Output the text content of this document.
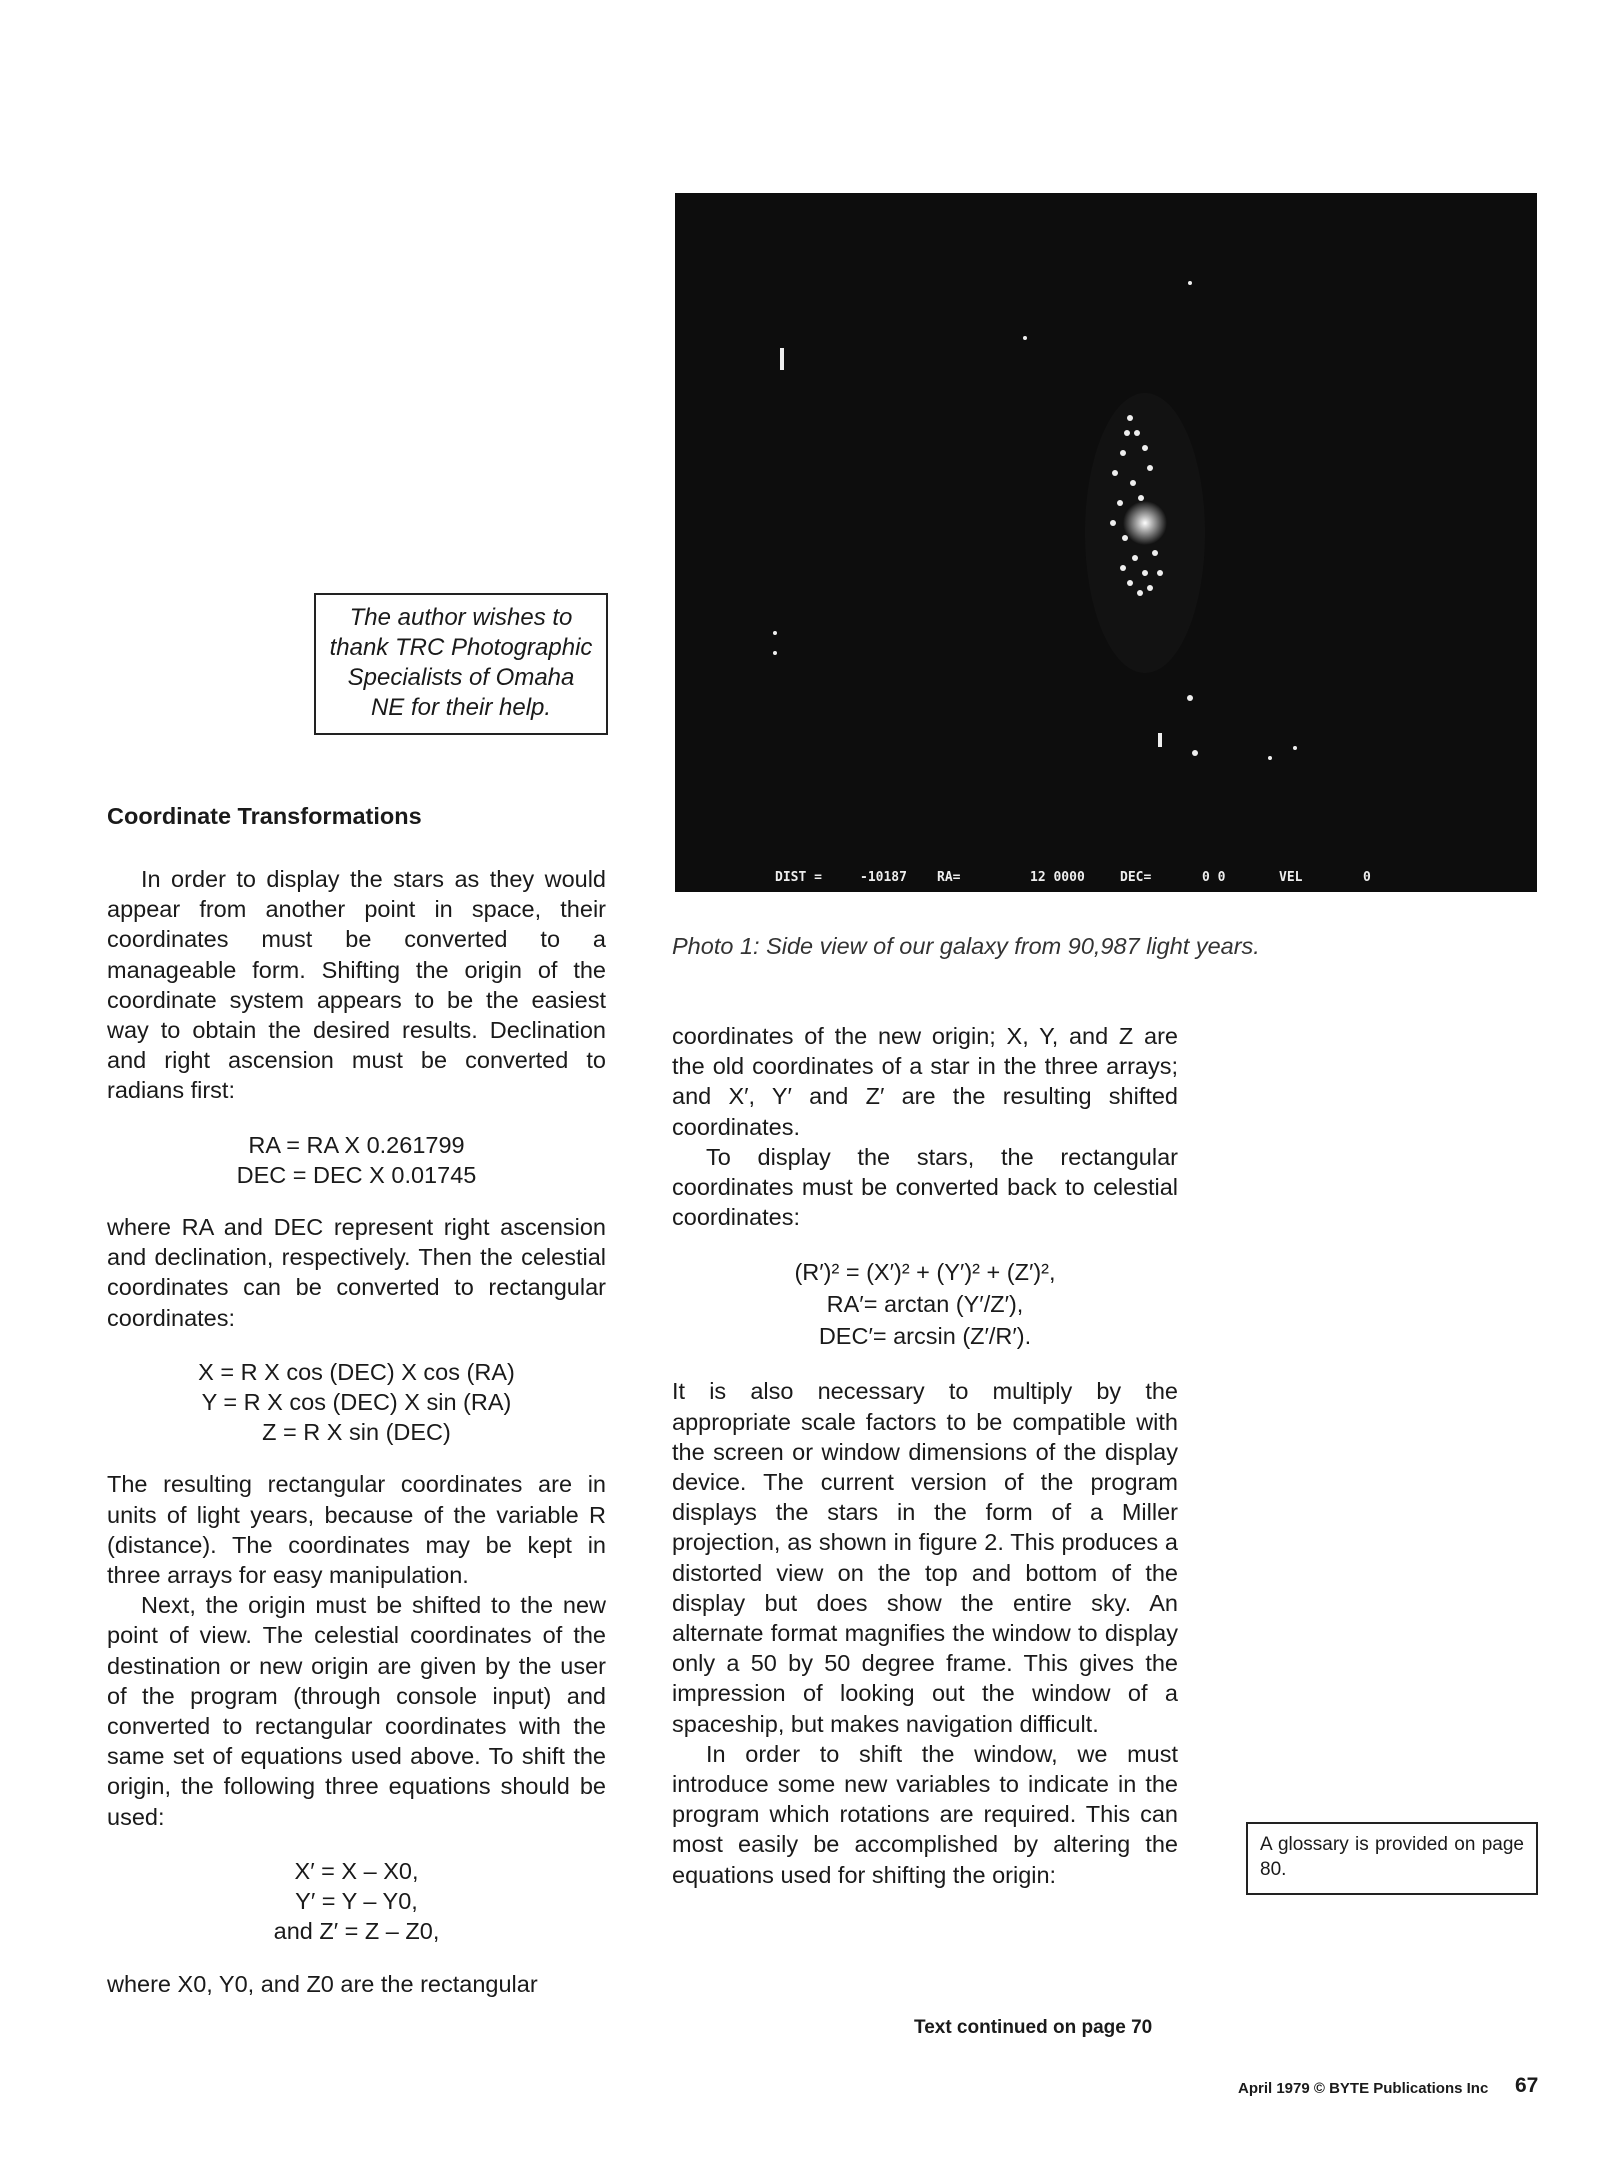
The author wishes to thank TRC Photographic Specialists of Omaha NE for their help.
Coordinate Transformations

In order to display the stars as they would appear from another point in space, their coordinates must be converted to a manageable form. Shifting the origin of the coordinate system appears to be the easiest way to obtain the desired results. Declination and right ascension must be converted to radians first:

RA = RA X 0.261799
DEC = DEC X 0.01745

where RA and DEC represent right ascension and declination, respectively. Then the celestial coordinates can be converted to rectangular coordinates:

X = R X cos (DEC) X cos (RA)
Y = R X cos (DEC) X sin (RA)
Z = R X sin (DEC)

The resulting rectangular coordinates are in units of light years, because of the variable R (distance). The coordinates may be kept in three arrays for easy manipulation.

Next, the origin must be shifted to the new point of view. The celestial coordinates of the destination or new origin are given by the user of the program (through console input) and converted to rectangular coordinates with the same set of equations used above. To shift the origin, the following three equations should be used:

X′ = X – X0,
Y′ = Y – Y0,
and Z′ = Z – Z0,

where X0, Y0, and Z0 are the rectangular

DIST =	-10187 RA=	12 0000	DEC=	0 0	VEL	0
Photo 1: Side view of our galaxy from 90,987 light years.

coordinates of the new origin; X, Y, and Z are the old coordinates of a star in the three arrays; and X′, Y′ and Z′ are the resulting shifted coordinates.

To display the stars, the rectangular coordinates must be converted back to celestial coordinates:

(R′)² = (X′)² + (Y′)² + (Z′)²,
RA′= arctan (Y′/Z′),
DEC′= arcsin (Z′/R′).

It is also necessary to multiply by the appropriate scale factors to be compatible with the screen or window dimensions of the display device. The current version of the program displays the stars in the form of a Miller projection, as shown in figure 2. This produces a distorted view on the top and bottom of the display but does show the entire sky. An alternate format magnifies the window to display only a 50 by 50 degree frame. This gives the impression of looking out the window of a spaceship, but makes navigation difficult.

In order to shift the window, we must introduce some new variables to indicate in the program which rotations are required. This can most easily be accomplished by altering the equations used for shifting the origin:

Text continued on page 70
A glossary is provided on page 80.
April 1979 © BYTE Publications Inc 67
